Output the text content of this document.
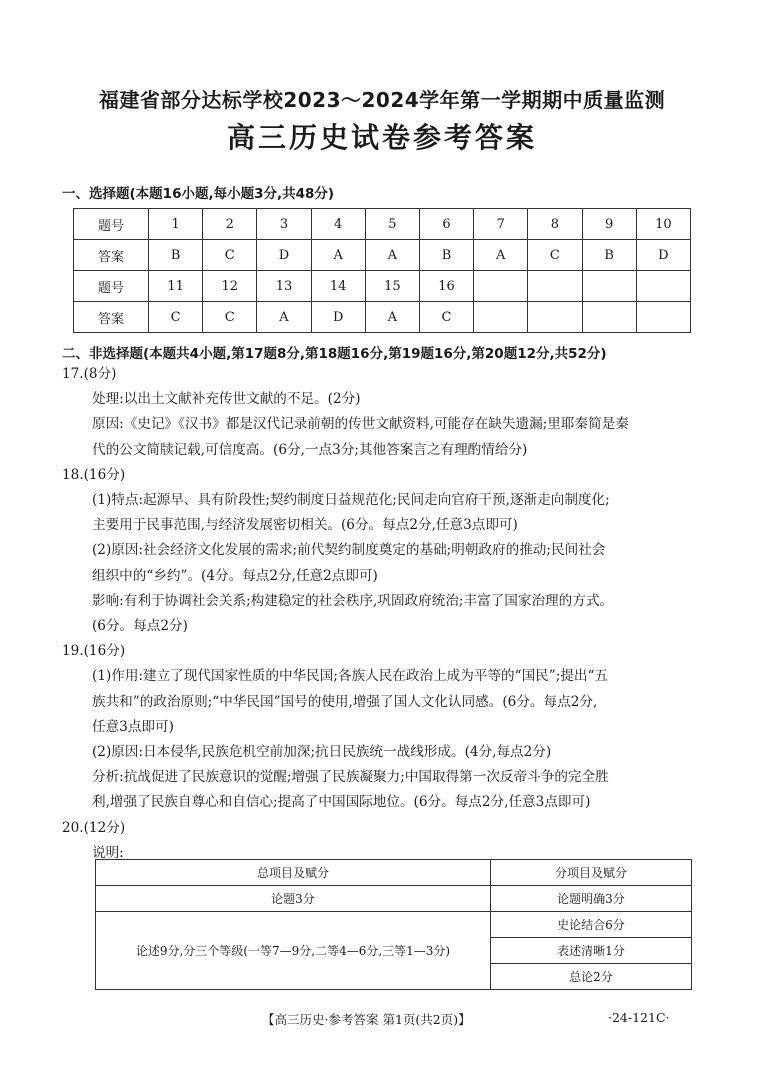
福建省部分达标学校2023～2024学年第一学期期中质量监测
高三历史试卷参考答案
一、选择题(本题16小题,每小题3分,共48分)
题号	1	2	3	4	5	6	7	8	9	10
答案	B	C	D	A	A	B	A	C	B	D
题号	11	12	13	14	15	16				
答案	C	C	A	D	A	C				
二、非选择题(本题共4小题,第17题8分,第18题16分,第19题16分,第20题12分,共52分)

17.(8分)

处理:以出土文献补充传世文献的不足。(2分)

原因:《史记》《汉书》都是汉代记录前朝的传世文献资料,可能存在缺失遗漏;里耶秦简是秦

代的公文简牍记载,可信度高。(6分,一点3分;其他答案言之有理酌情给分)

18.(16分)

(1)特点:起源早、具有阶段性;契约制度日益规范化;民间走向官府干预,逐渐走向制度化;

主要用于民事范围,与经济发展密切相关。(6分。每点2分,任意3点即可)

(2)原因:社会经济文化发展的需求;前代契约制度奠定的基础;明朝政府的推动;民间社会

组织中的“乡约”。(4分。每点2分,任意2点即可)

影响:有利于协调社会关系;构建稳定的社会秩序,巩固政府统治;丰富了国家治理的方式。

(6分。每点2分)

19.(16分)

(1)作用:建立了现代国家性质的中华民国;各族人民在政治上成为平等的“国民”;提出“五

族共和”的政治原则;“中华民国”国号的使用,增强了国人文化认同感。(6分。每点2分,

任意3点即可)

(2)原因:日本侵华,民族危机空前加深;抗日民族统一战线形成。(4分,每点2分)

分析:抗战促进了民族意识的觉醒;增强了民族凝聚力;中国取得第一次反帝斗争的完全胜

利,增强了民族自尊心和自信心;提高了中国国际地位。(6分。每点2分,任意3点即可)

20.(12分)

说明:

总项目及赋分	分项目及赋分
论题3分	论题明确3分
论述9分,分三个等级(一等7—9分,二等4—6分,三等1—3分)	史论结合6分
	表述清晰1分
	总论2分
【高三历史·参考答案 第1页(共2页)】	·24-121C·
